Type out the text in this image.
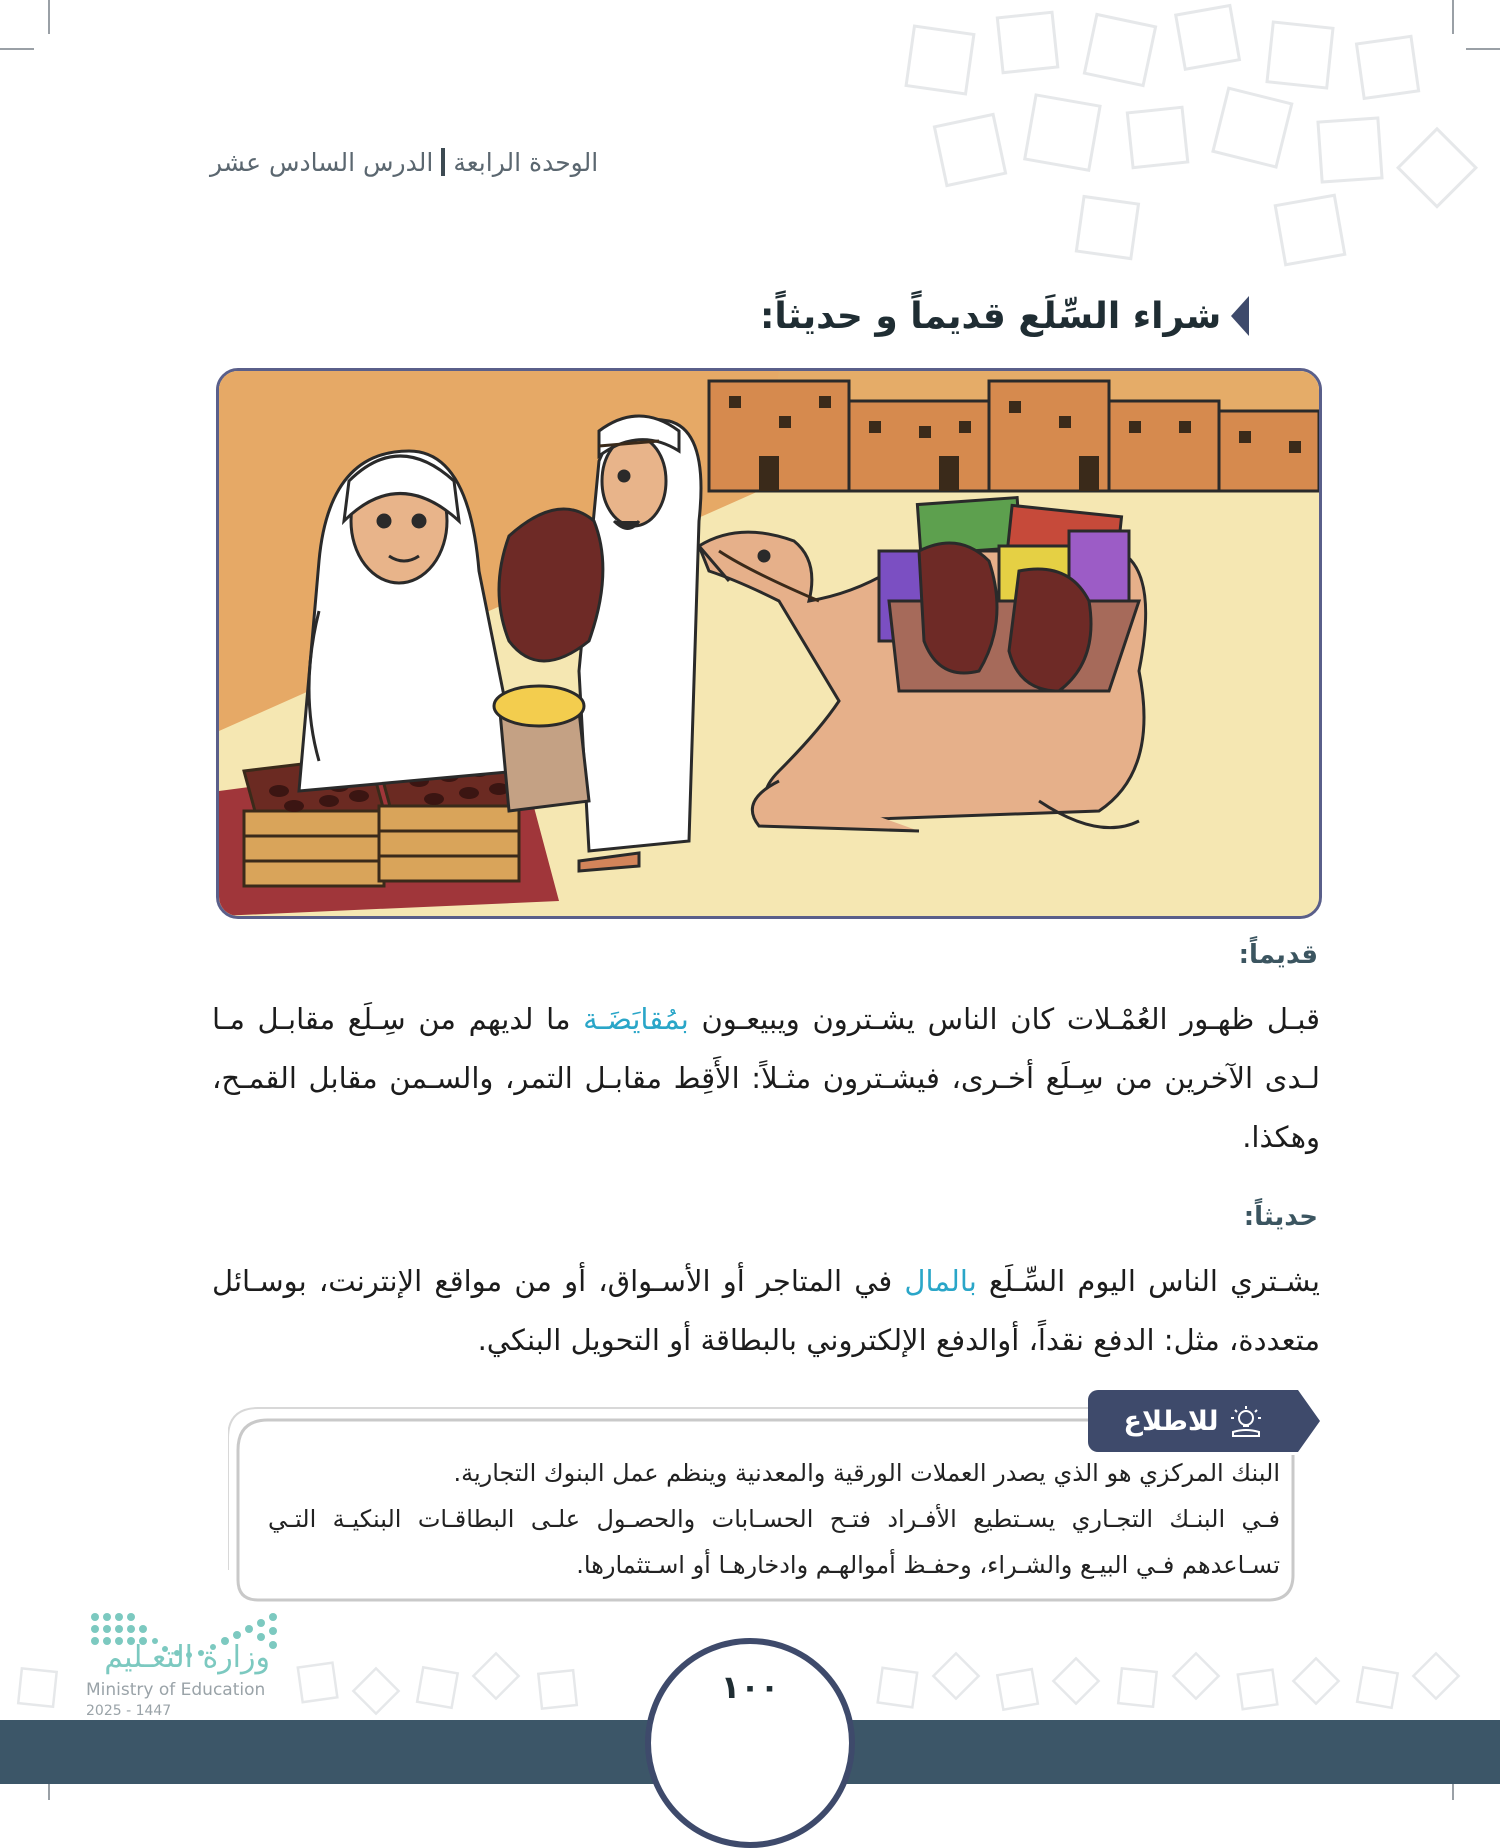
الوحدة الرابعة
الدرس السادس عشر
شراء السِّلَع قديماً و حديثاً:
قديماً:
قبـل ظهـور العُمْـلات كان الناس يشـترون ويبيعـون بمُقايَضَـة ما لديهم من سِـلَع مقابـل مـا لـدى الآخرين من سِـلَع أخـرى، فيشـترون مثـلاً: الأَقِط مقابـل التمر، والسـمن مقابل القمـح، وهكذا.
حديثاً:
يشـتري الناس اليوم السِّـلَع بالمال في المتاجر أو الأسـواق، أو من مواقع الإنترنت، بوسـائل متعددة، مثل: الدفع نقداً، أوالدفع الإلكتروني بالبطاقة أو التحويل البنكي.
للاطلاع
البنك المركزي هو الذي يصدر العملات الورقية والمعدنية وينظم عمل البنوك التجارية.
فـي البنـك التجـاري يسـتطيع الأفـراد فتـح الحسـابات والحصـول علـى البطاقـات البنكيـة التـي تسـاعدهم فـي البيـع والشـراء، وحفـظ أموالهـم وادخارهـا أو اسـتثمارها.
وزارة التعـليم
Ministry of Education
2025 - 1447
١٠٠
